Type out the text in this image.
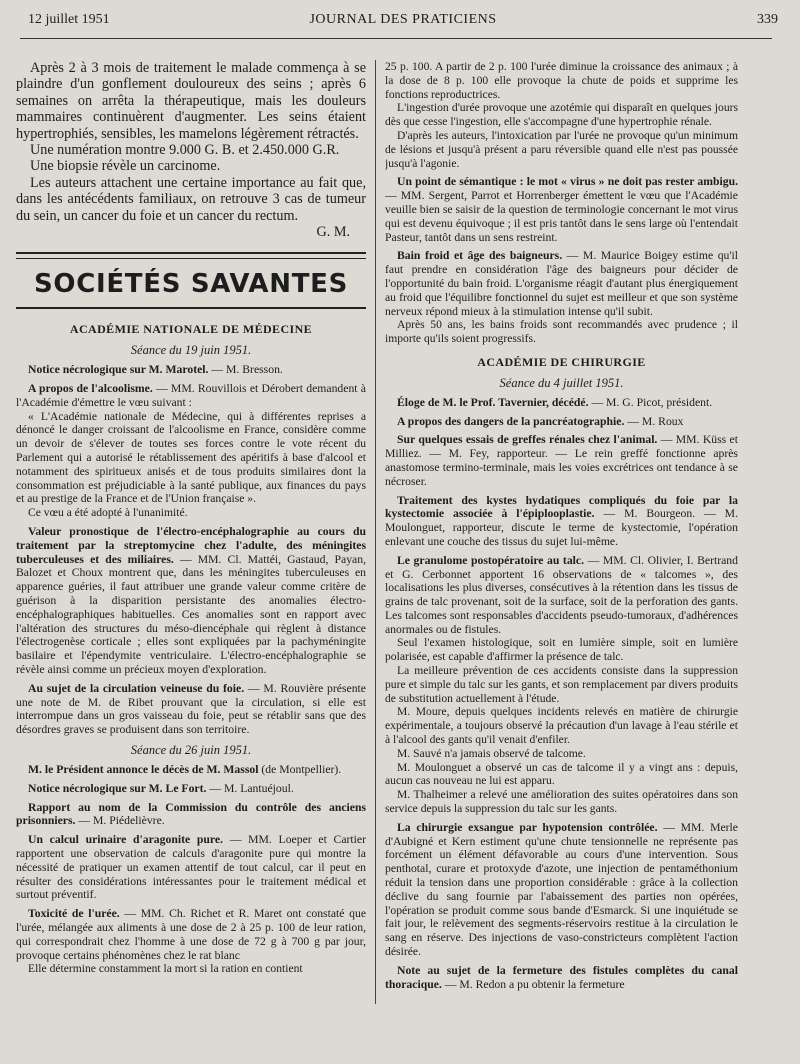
12 juillet 1951	JOURNAL DES PRATICIENS	339

Après 2 à 3 mois de traitement le malade commença à se plaindre d'un gonflement douloureux des seins ; après 6 semaines on arrêta la thérapeutique, mais les douleurs mammaires continuèrent d'augmenter. Les seins étaient hypertrophiés, sensibles, les mamelons légèrement rétractés.

Une numération montre 9.000 G. B. et 2.450.000 G.R.

Une biopsie révèle un carcinome.

Les auteurs attachent une certaine importance au fait que, dans les antécédents familiaux, on retrouve 3 cas de tumeur du sein, un cancer du foie et un cancer du rectum.

G. M.

SOCIÉTÉS SAVANTES

ACADÉMIE NATIONALE DE MÉDECINE

Séance du 19 juin 1951.

Notice nécrologique sur M. Marotel. — M. Bresson.

A propos de l'alcoolisme. — MM. Rouvillois et Dérobert demandent à l'Académie d'émettre le vœu suivant :

« L'Académie nationale de Médecine, qui à différentes reprises a dénoncé le danger croissant de l'alcoolisme en France, considère comme un devoir de s'élever de toutes ses forces contre le vote récent du Parlement qui a autorisé le rétablissement des apéritifs à base d'alcool et notamment des spiritueux anisés et de tous produits similaires dont la consommation est préjudiciable à la santé publique, aux finances du pays et au prestige de la France et de l'Union française ».

Ce vœu a été adopté à l'unanimité.

Valeur pronostique de l'électro-encéphalographie au cours du traitement par la streptomycine chez l'adulte, des méningites tuberculeuses et des miliaires. — MM. Cl. Mattéi, Gastaud, Payan, Balozet et Choux montrent que, dans les méningites tuberculeuses en apparence guéries, il faut attribuer une grande valeur comme critère de guérison à la disparition persistante des anomalies électro-encéphalographiques habituelles. Ces anomalies sont en rapport avec l'altération des structures du méso-diencéphale qui règlent à distance l'électrogenèse corticale ; elles sont expliquées par la pachyméningite basilaire et l'épendymite ventriculaire. L'électro-encéphalographie se révèle ainsi comme un précieux moyen d'exploration.

Au sujet de la circulation veineuse du foie. — M. Rouvière présente une note de M. de Ribet prouvant que la circulation, si elle est interrompue dans un gros vaisseau du foie, peut se rétablir sans que des désordres graves se produisent dans son territoire.

Séance du 26 juin 1951.

M. le Président annonce le décès de M. Massol (de Montpellier).

Notice nécrologique sur M. Le Fort. — M. Lantuéjoul.

Rapport au nom de la Commission du contrôle des anciens prisonniers. — M. Piédelièvre.

Un calcul urinaire d'aragonite pure. — MM. Loeper et Cartier rapportent une observation de calculs d'aragonite pure qui montre la nécessité de pratiquer un examen attentif de tout calcul, car il peut en résulter des considérations intéressantes pour le traitement médical et surtout préventif.

Toxicité de l'urée. — MM. Ch. Richet et R. Maret ont constaté que l'urée, mélangée aux aliments à une dose de 2 à 25 p. 100 de leur ration, qui correspondrait chez l'homme à une dose de 72 g à 700 g par jour, provoque certains phénomènes chez le rat blanc

Elle détermine constamment la mort si la ration en contient

25 p. 100. A partir de 2 p. 100 l'urée diminue la croissance des animaux ; à la dose de 8 p. 100 elle provoque la chute de poids et supprime les fonctions reproductrices.

L'ingestion d'urée provoque une azotémie qui disparaît en quelques jours dès que cesse l'ingestion, elle s'accompagne d'une hypertrophie rénale.

D'après les auteurs, l'intoxication par l'urée ne provoque qu'un minimum de lésions et jusqu'à présent a paru réversible quand elle n'est pas poussée jusqu'à l'agonie.

Un point de sémantique : le mot « virus » ne doit pas rester ambigu. — MM. Sergent, Parrot et Horrenberger émettent le vœu que l'Académie veuille bien se saisir de la question de terminologie concernant le mot virus qui est devenu équivoque ; il est pris tantôt dans le sens large où l'entendait Pasteur, tantôt dans un sens restreint.

Bain froid et âge des baigneurs. — M. Maurice Boigey estime qu'il faut prendre en considération l'âge des baigneurs pour décider de l'opportunité du bain froid. L'organisme réagit d'autant plus énergiquement au froid que l'équilibre fonctionnel du sujet est meilleur et que son système nerveux répond mieux à la stimulation intense qu'il subit.

Après 50 ans, les bains froids sont recommandés avec prudence ; il importe qu'ils soient progressifs.

ACADÉMIE DE CHIRURGIE

Séance du 4 juillet 1951.

Éloge de M. le Prof. Tavernier, décédé. — M. G. Picot, président.

A propos des dangers de la pancréatographie. — M. Roux

Sur quelques essais de greffes rénales chez l'animal. — MM. Küss et Milliez. — M. Fey, rapporteur. — Le rein greffé fonctionne après anastomose termino-terminale, mais les voies excrétrices ont tendance à se nécroser.

Traitement des kystes hydatiques compliqués du foie par la kystectomie associée à l'épiplooplastie. — M. Bourgeon. — M. Moulonguet, rapporteur, discute le terme de kystectomie, l'opération enlevant une couche des tissus du sujet lui-même.

Le granulome postopératoire au talc. — MM. Cl. Olivier, I. Bertrand et G. Cerbonnet apportent 16 observations de « talcomes », des localisations les plus diverses, consécutives à la rétention dans les tissus de grains de talc provenant, soit de la surface, soit de la perforation des gants. Les talcomes sont responsables d'accidents pseudo-tumoraux, d'adhérences anormales ou de fistules.

Seul l'examen histologique, soit en lumière simple, soit en lumière polarisée, est capable d'affirmer la présence de talc.

La meilleure prévention de ces accidents consiste dans la suppression pure et simple du talc sur les gants, et son remplacement par divers produits de substitution actuellement à l'étude.

M. Moure, depuis quelques incidents relevés en matière de chirurgie expérimentale, a toujours observé la précaution d'un lavage à l'eau stérile et à l'alcool des gants qu'il venait d'enfiler.

M. Sauvé n'a jamais observé de talcome.

M. Moulonguet a observé un cas de talcome il y a vingt ans : depuis, aucun cas nouveau ne lui est apparu.

M. Thalheimer a relevé une amélioration des suites opératoires dans son service depuis la suppression du talc sur les gants.

La chirurgie exsangue par hypotension contrôlée. — MM. Merle d'Aubigné et Kern estiment qu'une chute tensionnelle ne représente pas forcément un élément défavorable au cours d'une intervention. Sous penthotal, curare et protoxyde d'azote, une injection de pentaméthonium réduit la tension dans une proportion considérable : grâce à la collection déclive du sang fournie par l'abaissement des parties non opérées, l'opération se produit comme sous bande d'Esmarck. Si une inquiétude se fait jour, le relèvement des segments-réservoirs restitue à la circulation le sang en réserve. Des injections de vaso-constricteurs complètent l'action désirée.

Note au sujet de la fermeture des fistules complètes du canal thoracique. — M. Redon a pu obtenir la fermeture
